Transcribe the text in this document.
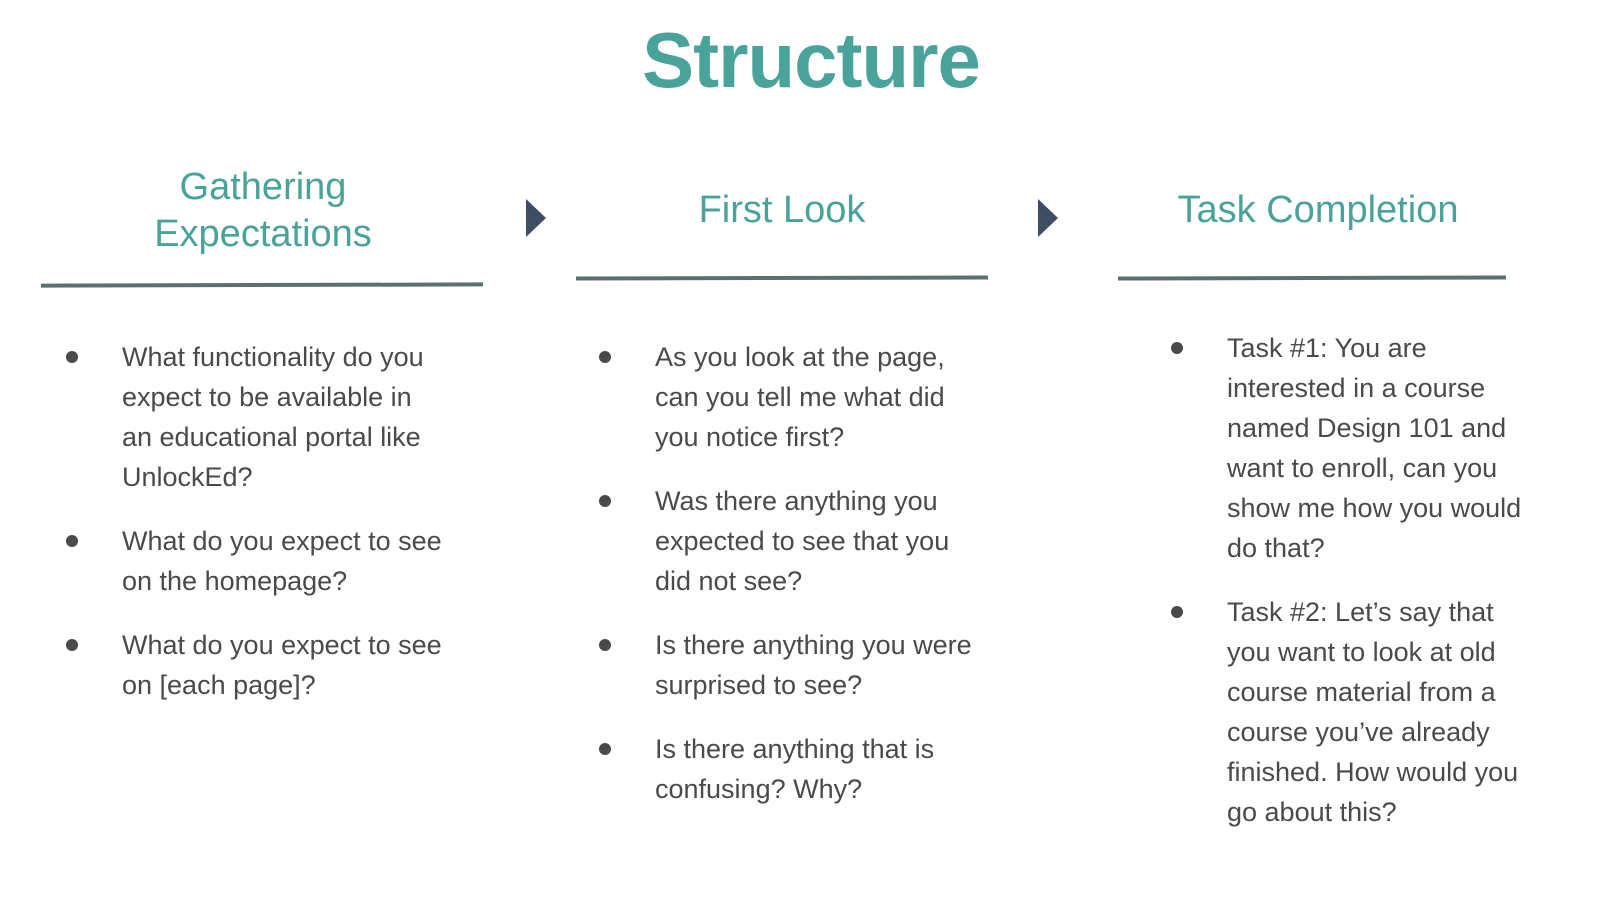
Structure
Gathering
Expectations
First Look	Task Completion
What functionality do you expect to be available in an educational portal like UnlockEd?
What do you expect to see on the homepage?
What do you expect to see on [each page]?
As you look at the page, can you tell me what did you notice first?
Was there anything you expected to see that you did not see?
Is there anything you were surprised to see?
Is there anything that is confusing? Why?
Task #1: You are interested in a course named Design 101 and want to enroll, can you show me how you would do that?
Task #2: Let’s say that you want to look at old course material from a course you’ve already finished. How would you go about this?
